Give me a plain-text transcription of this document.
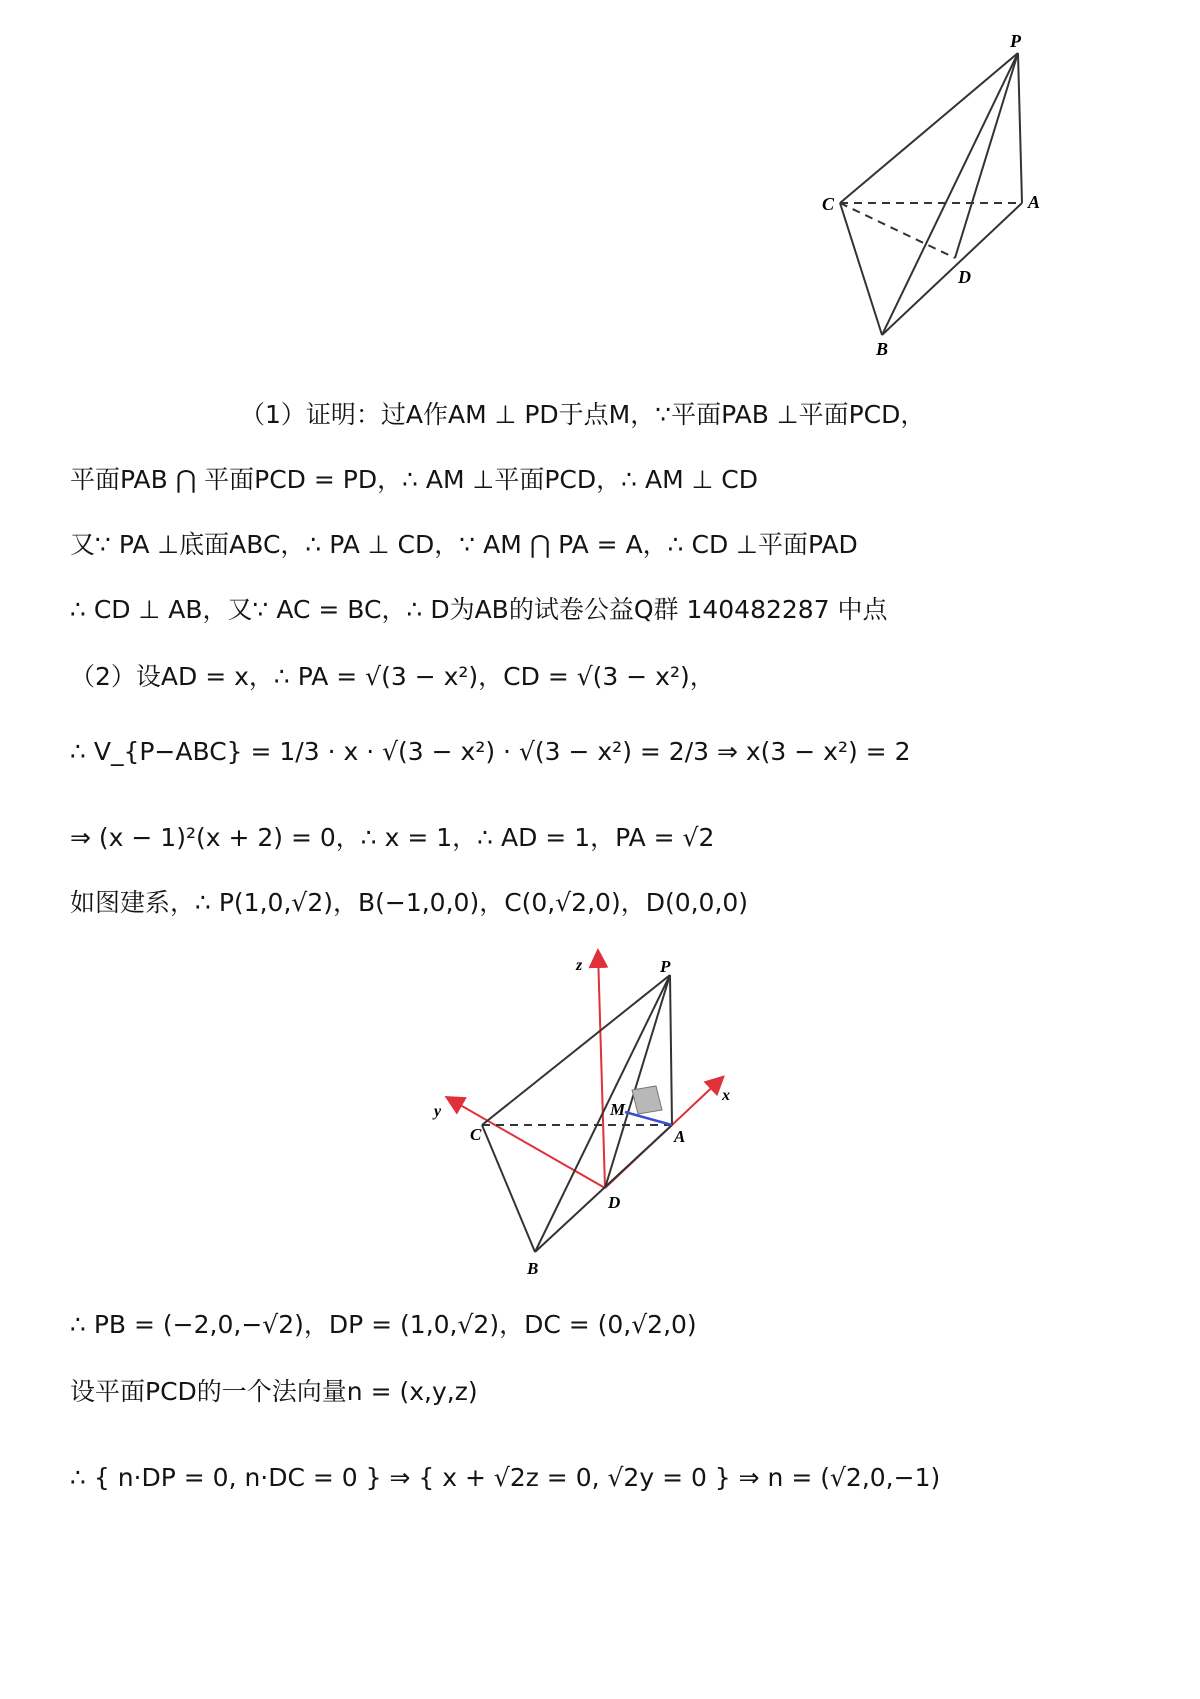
P
C	A
D
B
（1）证明：过A作AM ⊥ PD于点M，∵平面PAB ⊥平面PCD，
平面PAB ⋂ 平面PCD = PD，∴ AM ⊥平面PCD，∴ AM ⊥ CD
又∵ PA ⊥底面ABC，∴ PA ⊥ CD，∵ AM ⋂ PA = A，∴ CD ⊥平面PAD
∴ CD ⊥ AB，又∵ AC = BC，∴ D为AB的试卷公益Q群 140482287 中点
（2）设AD = x，∴ PA = √(3 − x²)，CD = √(3 − x²)，
∴ V_{P−ABC} = 1/3 · x · √(3 − x²) · √(3 − x²) = 2/3 ⇒ x(3 − x²) = 2
⇒ (x − 1)²(x + 2) = 0，∴ x = 1，∴ AD = 1，PA = √2
如图建系，∴ P(1,0,√2)，B(−1,0,0)，C(0,√2,0)，D(0,0,0)
P
C	A
M
D
B
z
y
x
∴ PB = (−2,0,−√2)，DP = (1,0,√2)，DC = (0,√2,0)
设平面PCD的一个法向量n = (x,y,z)
∴ { n·DP = 0, n·DC = 0 } ⇒ { x + √2z = 0, √2y = 0 } ⇒ n = (√2,0,−1)
